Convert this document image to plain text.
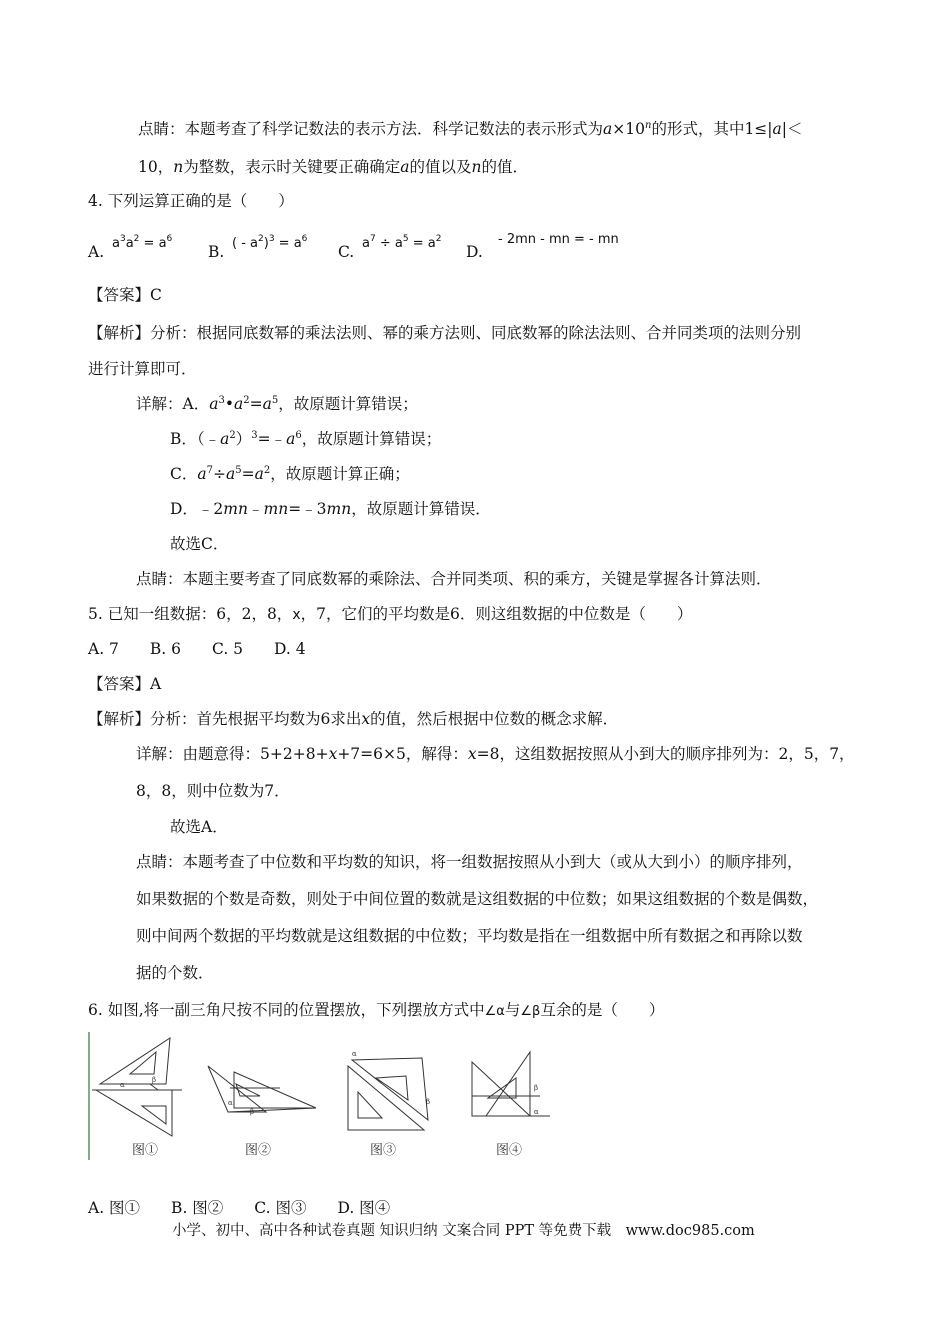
点睛：本题考查了科学记数法的表示方法．科学记数法的表示形式为$a\times 10^n$的形式，其中1≤|a|＜
10，n为整数，表示时关键要正确确定a的值以及n的值．
4. 下列运算正确的是（　　）
A. $a^3a^2 = a^6$
B. ( - $a^2)^3 = a^6$
C. $a^7 \div a^5 = a^2$
D.
- 2mn - mn = - mn
【答案】C
【解析】分析：根据同底数幂的乘法法则、幂的乘方法则、同底数幂的除法法则、合并同类项的法则分别
进行计算即可．
详解：A．$a^3•a^2=a^5$，故原题计算错误；
B．$(﹣a^2)^3=﹣a^6$，故原题计算错误；
C．$a^7\div a^5=a^2$，故原题计算正确；
D．﹣2mn﹣mn=﹣3mn，故原题计算错误．
故选C．
点睛：本题主要考查了同底数幂的乘除法、合并同类项、积的乘方，关键是掌握各计算法则．
5. 已知一组数据：6，2，8，x，7，它们的平均数是6．则这组数据的中位数是（　　）
A. 7　　B. 6　　C. 5　　D. 4
【答案】A
【解析】分析：首先根据平均数为6求出x的值，然后根据中位数的概念求解．
详解：由题意得：5+2+8+x+7=6×5，解得：x=8，这组数据按照从小到大的顺序排列为：2，5，7，
8，8，则中位数为7．
故选A．
点睛：本题考查了中位数和平均数的知识，将一组数据按照从小到大（或从大到小）的顺序排列，
如果数据的个数是奇数，则处于中间位置的数就是这组数据的中位数；如果这组数据的个数是偶数，
则中间两个数据的平均数就是这组数据的中位数；平均数是指在一组数据中所有数据之和再除以数
据的个数．
6. 如图,将一副三角尺按不同的位置摆放，下列摆放方式中∠α与∠β互余的是（　　）
α
β
α
β
α
β
β
α
图①	图②	图③	图④
A. 图①　　B. 图②　　C. 图③　　D. 图④
小学、初中、高中各种试卷真题 知识归纳 文案合同 PPT 等免费下载　www.doc985.com
